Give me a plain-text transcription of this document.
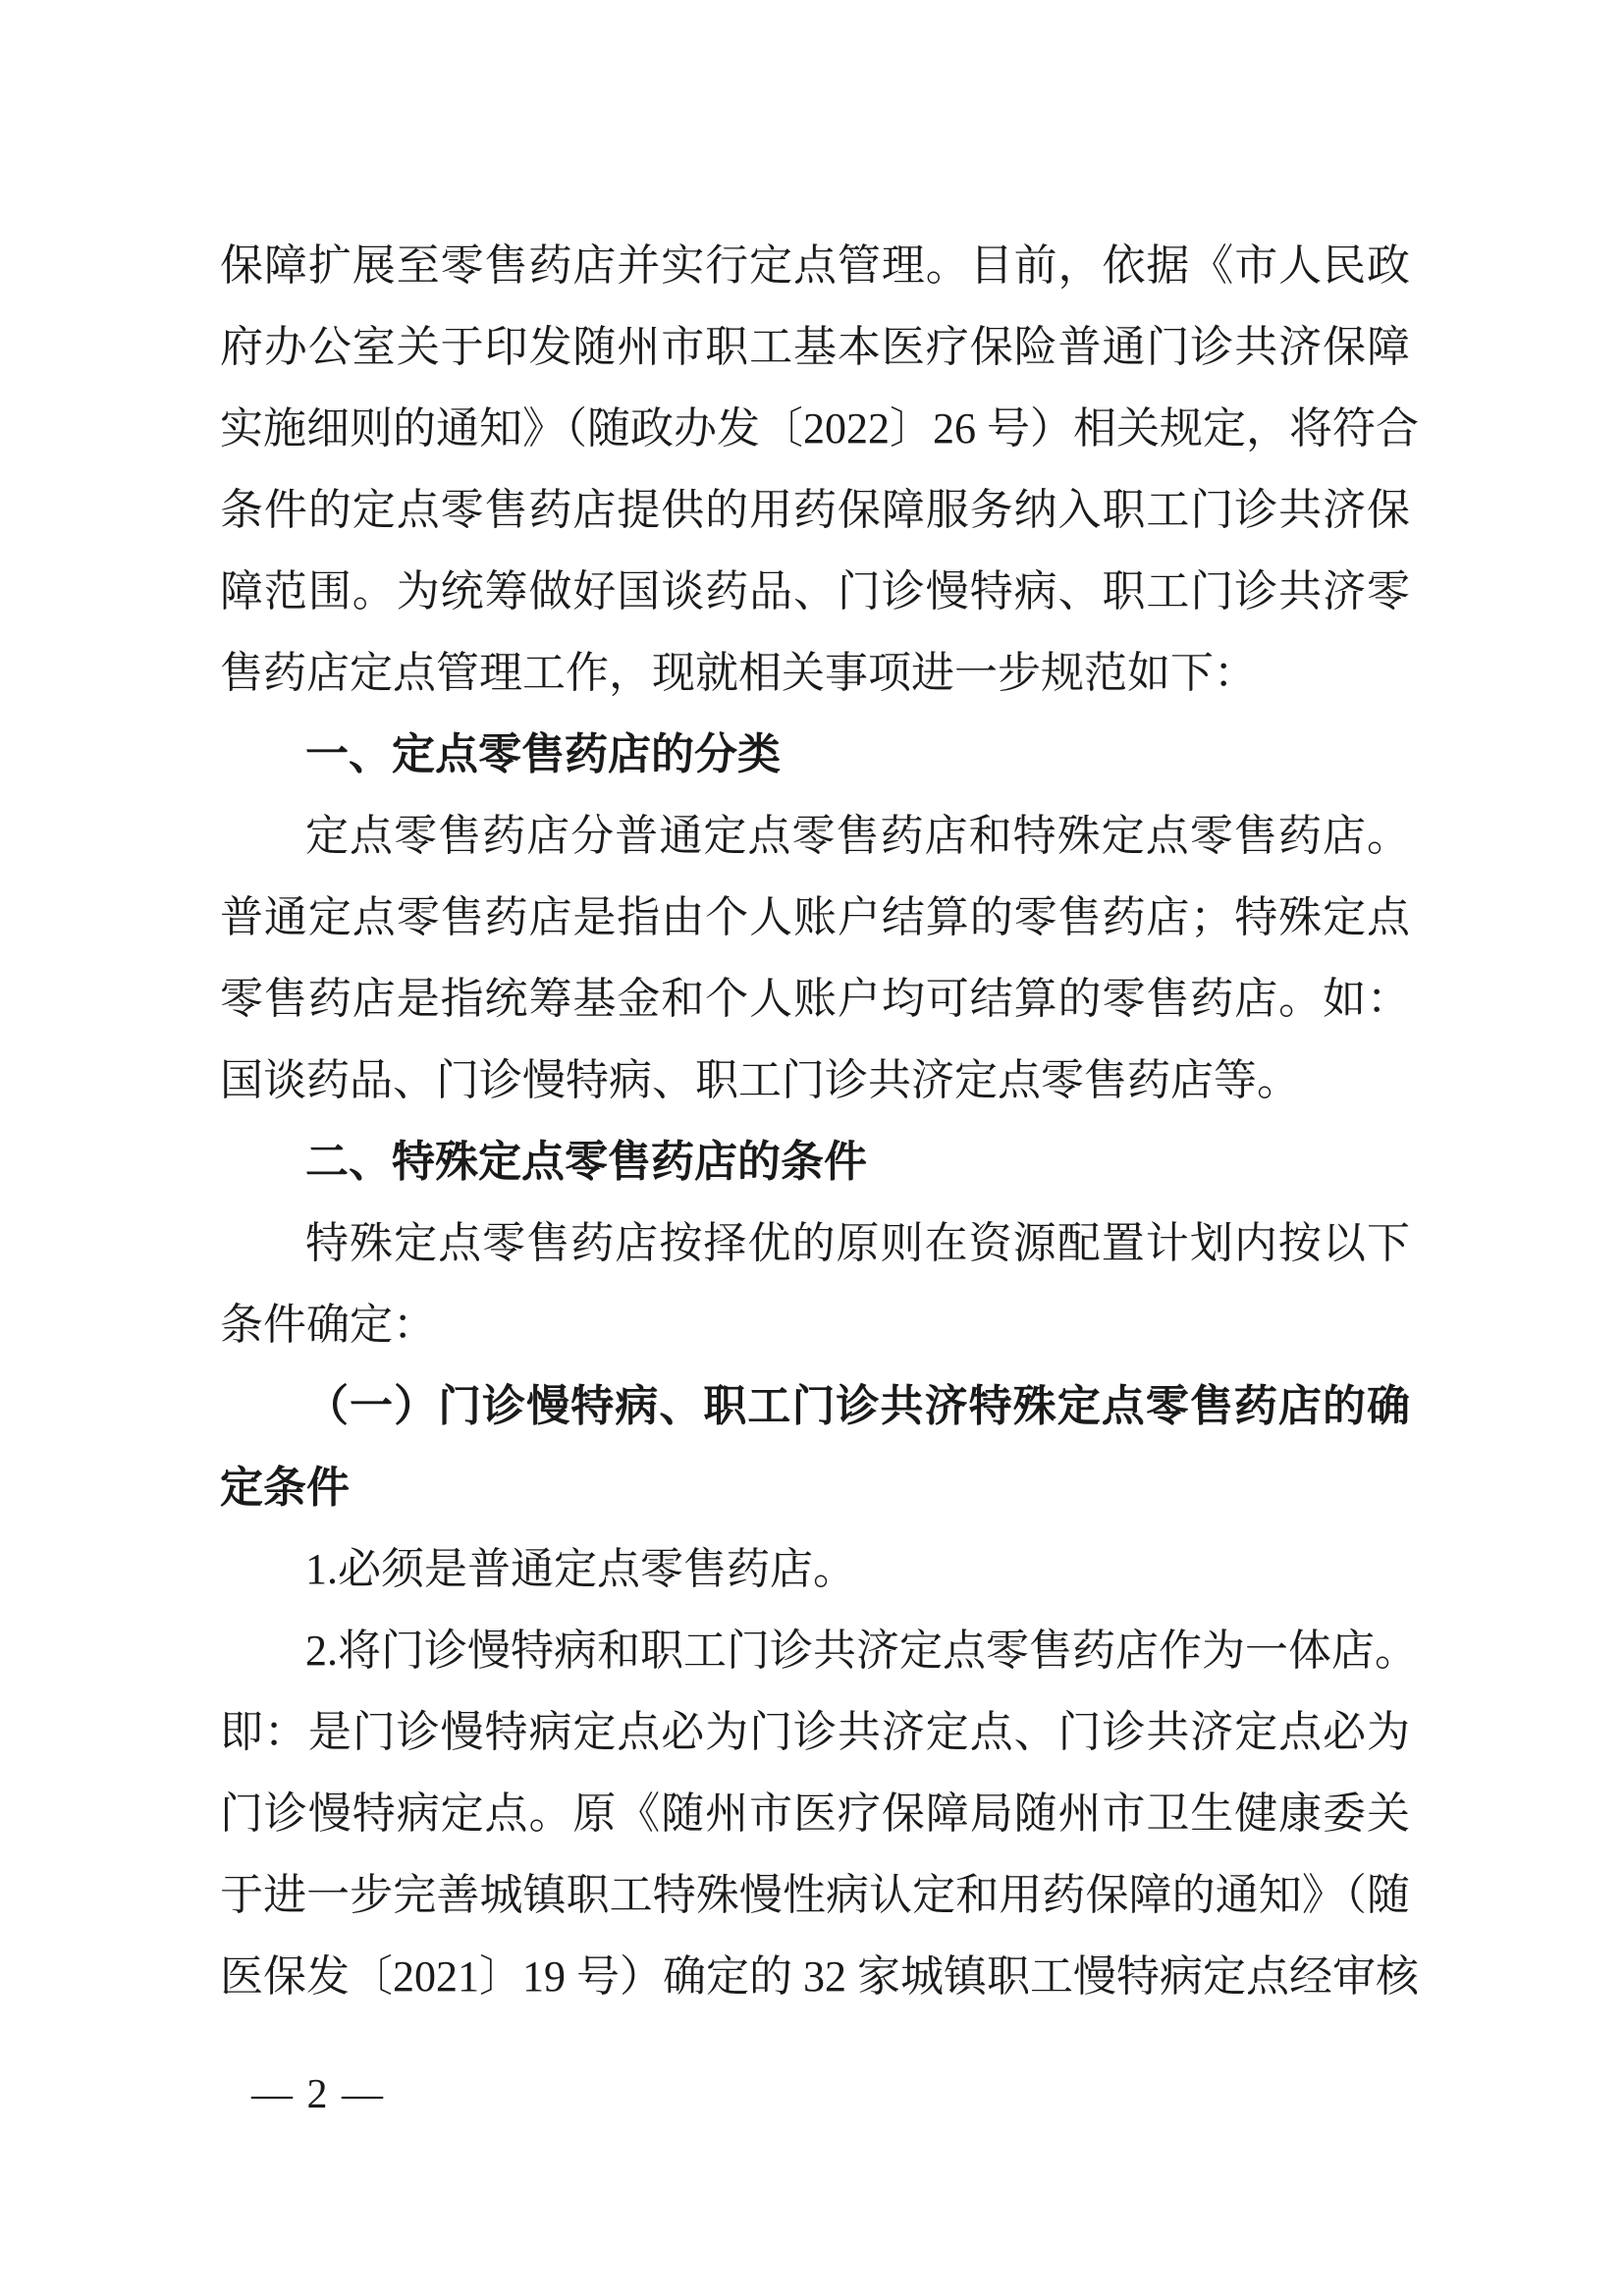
保障扩展至零售药店并实行定点管理。目前，依据《市人民政
府办公室关于印发随州市职工基本医疗保险普通门诊共济保障
实施细则的通知》（随政办发〔2022〕26 号）相关规定，将符合
条件的定点零售药店提供的用药保障服务纳入职工门诊共济保
障范围。为统筹做好国谈药品、门诊慢特病、职工门诊共济零
售药店定点管理工作，现就相关事项进一步规范如下：
一、定点零售药店的分类
定点零售药店分普通定点零售药店和特殊定点零售药店。
普通定点零售药店是指由个人账户结算的零售药店；特殊定点
零售药店是指统筹基金和个人账户均可结算的零售药店。如：
国谈药品、门诊慢特病、职工门诊共济定点零售药店等。
二、特殊定点零售药店的条件
特殊定点零售药店按择优的原则在资源配置计划内按以下
条件确定：
（一）门诊慢特病、职工门诊共济特殊定点零售药店的确
定条件
1.必须是普通定点零售药店。
2.将门诊慢特病和职工门诊共济定点零售药店作为一体店。
即：是门诊慢特病定点必为门诊共济定点、门诊共济定点必为
门诊慢特病定点。原《随州市医疗保障局随州市卫生健康委关
于进一步完善城镇职工特殊慢性病认定和用药保障的通知》（随
医保发〔2021〕19 号）确定的 32 家城镇职工慢特病定点经审核
— 2 —
